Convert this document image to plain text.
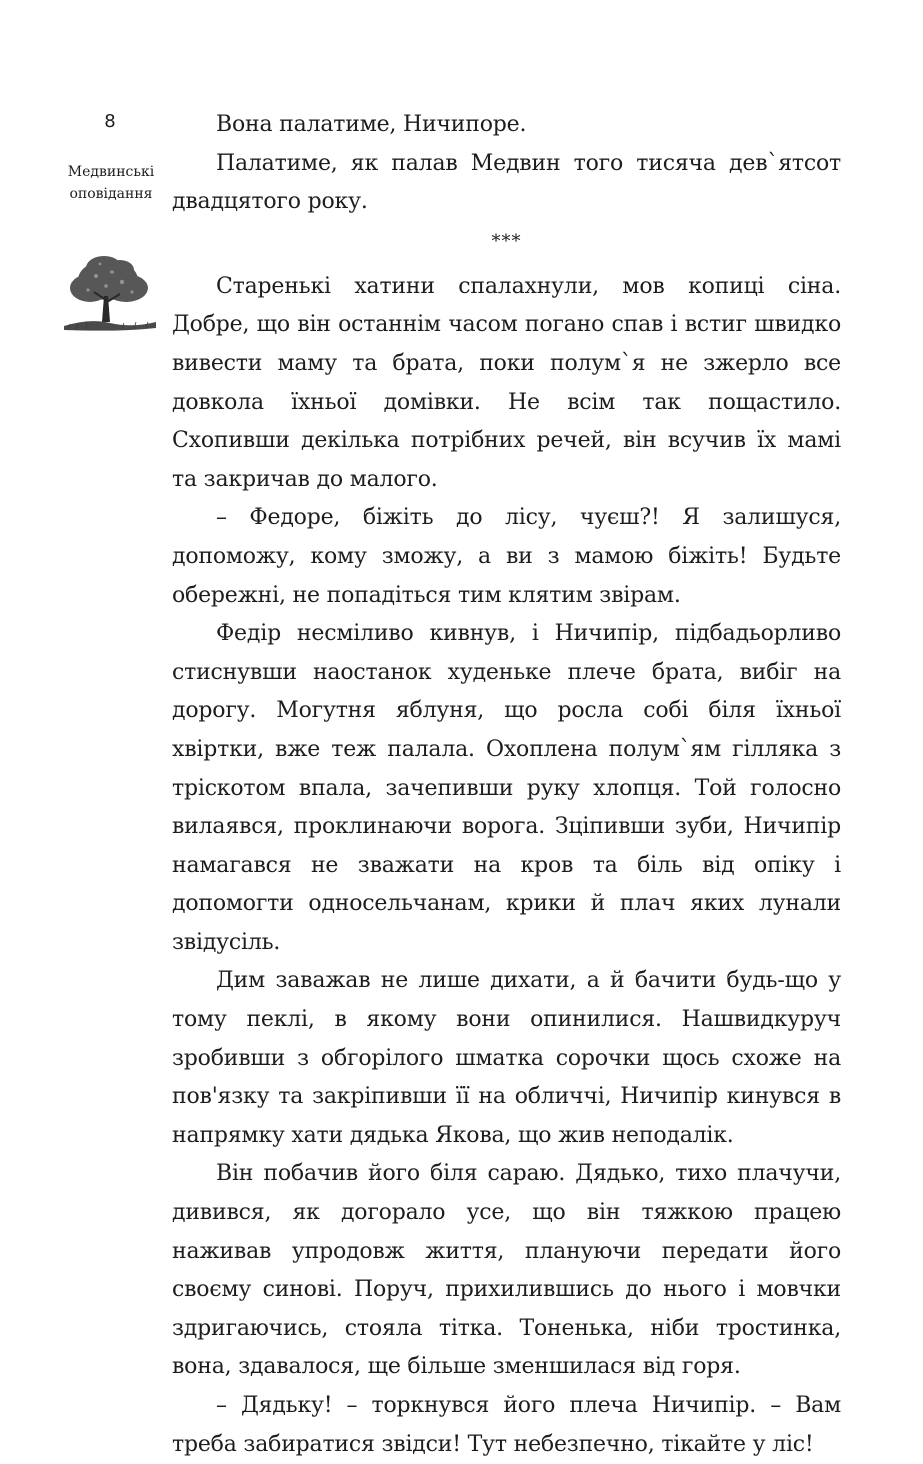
8
Медвинські оповідання

Вона палатиме, Ничипоре.

Палатиме, як палав Медвин того тисяча дев`ятсот двадцятого року.

***

Старенькі хатини спалахнули, мов копиці сіна. Добре, що він останнім часом погано спав і встиг швидко вивести маму та брата, поки полум`я не зжерло все довкола їхньої домівки. Не всім так пощастило. Схопивши декілька потрібних речей, він всучив їх мамі та закричав до малого.

– Федоре, біжіть до лісу, чуєш?! Я залишуся, допоможу, кому зможу, а ви з мамою біжіть! Будьте обережні, не попадіться тим клятим звірам.

Федір несміливо кивнув, і Ничипір, підбадьорливо стиснувши наостанок худеньке плече брата, вибіг на дорогу. Могутня яблуня, що росла собі біля їхньої хвіртки, вже теж палала. Охоплена полум`ям гілляка з тріскотом впала, зачепивши руку хлопця. Той голосно вилаявся, проклинаючи ворога. Зціпивши зуби, Ничипір намагався не зважати на кров та біль від опіку і допомогти односельчанам, крики й плач яких лунали звідусіль.

Дим заважав не лише дихати, а й бачити будь-що у тому пеклі, в якому вони опинилися. Нашвидкуруч зробивши з обгорілого шматка сорочки щось схоже на пов'язку та закріпивши її на обличчі, Ничипір кинувся в напрямку хати дядька Якова, що жив неподалік.

Він побачив його біля сараю. Дядько, тихо плачучи, дивився, як догорало усе, що він тяжкою працею наживав упродовж життя, плануючи передати його своєму синові. Поруч, прихилившись до нього і мовчки здригаючись, стояла тітка. Тоненька, ніби тростинка, вона, здавалося, ще більше зменшилася від горя.

– Дядьку! – торкнувся його плеча Ничипір. – Вам треба забиратися звідси! Тут небезпечно, тікайте у ліс!
